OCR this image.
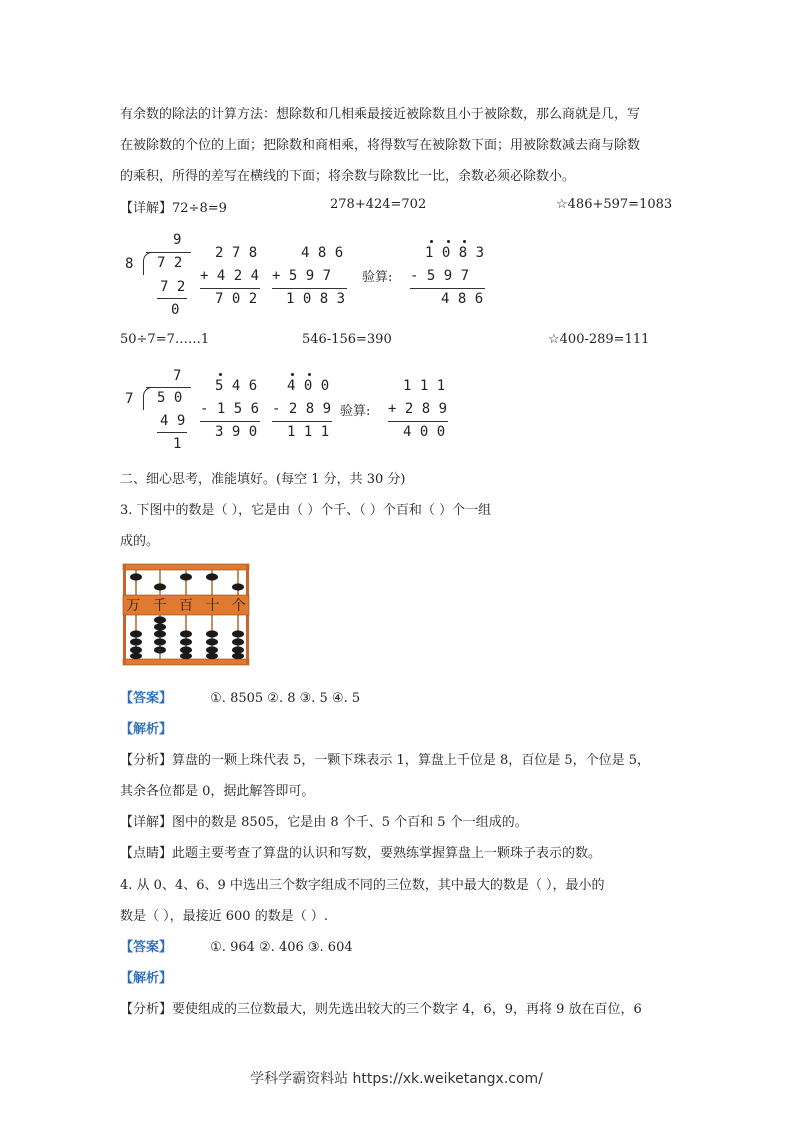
有余数的除法的计算方法：想除数和几相乘最接近被除数且小于被除数，那么商就是几，写
在被除数的个位的上面；把除数和商相乘，将得数写在被除数下面；用被除数减去商与除数
的乘积，所得的差写在横线的下面；将余数与除数比一比，余数必须必除数小。
【详解】72÷8=9	278+424=702	☆486+597=1083
9
8 7 2
7 2
0
2 7 8
+ 4 2 4
7 0 2
4 8 6
+ 5 9 7
1 0 8 3
验算:
1 0 8 3
- 5 9 7
4 8 6
50÷7=7……1	546-156=390	☆400-289=111
7
7 5 0
4 9
1
5 4 6
- 1 5 6
3 9 0
4 0 0
- 2 8 9
1 1 1
验算:
1 1 1
+ 2 8 9
4 0 0
二、细心思考，准能填好。(每空 1 分，共 30 分)
3. 下图中的数是（ ），它是由（ ）个千、（ ）个百和（ ）个一组
成的。
万 千 百 十 个
【答案】	①. 8505 ②. 8 ③. 5 ④. 5
【解析】
【分析】算盘的一颗上珠代表 5，一颗下珠表示 1，算盘上千位是 8，百位是 5，个位是 5，
其余各位都是 0，据此解答即可。
【详解】图中的数是 8505，它是由 8 个千、5 个百和 5 个一组成的。
【点睛】此题主要考查了算盘的认识和写数，要熟练掌握算盘上一颗珠子表示的数。
4. 从 0、4、6、9 中选出三个数字组成不同的三位数，其中最大的数是（ ），最小的
数是（ ），最接近 600 的数是（ ）.
【答案】	①. 964 ②. 406 ③. 604
【解析】
【分析】要使组成的三位数最大，则先选出较大的三个数字 4，6，9，再将 9 放在百位，6
学科学霸资料站 https://xk.weiketangx.com/
